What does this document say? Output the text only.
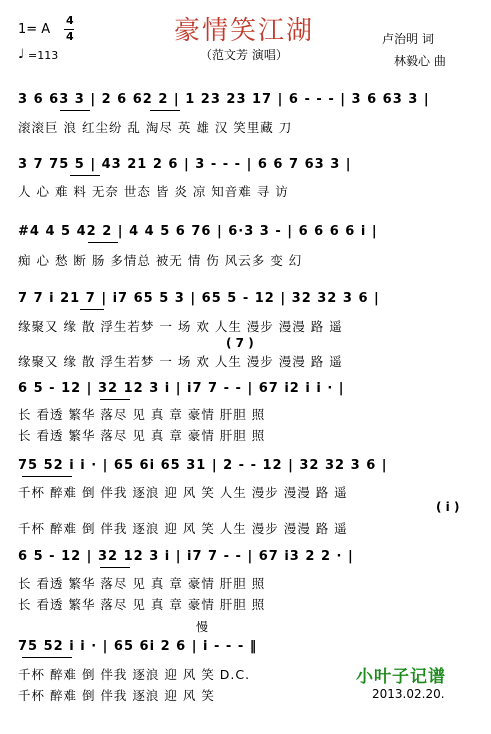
1= A
4
4
♩ =113
豪情笑江湖
（范文芳 演唱）
卢治明 词
林毅心 曲
3 6 63 3 | 2 6 62 2 | 1 23 23 17 | 6 - - - | 3 6 63 3 |
滚滚巨 浪 红尘纷 乱 淘尽 英 雄 汉 笑里藏 刀
3 7 75 5 | 43 21 2 6 | 3 - - - | 6 6 7 63 3 |
人 心 难 料 无奈 世态 皆 炎 凉 知音难 寻 访
#4 4 5 42 2 | 4 4 5 6 76 | 6·3 3 - | 6 6 6 6 i |
痴 心 愁 断 肠 多情总 被无 情 伤 风云多 变 幻
7 7 i 21 7 | i7 65 5 3 | 65 5 - 12 | 32 32 3 6 |
缘聚又 缘 散 浮生若梦 一 场 欢 人生 漫步 漫漫 路 遥
( 7 )
缘聚又 缘 散 浮生若梦 一 场 欢 人生 漫步 漫漫 路 遥
6 5 - 12 | 32 12 3 i | i7 7 - - | 67 i2 i i · |
长 看透 繁华 落尽 见 真 章 豪情 肝胆 照
长 看透 繁华 落尽 见 真 章 豪情 肝胆 照
75 52 i i · | 65 6i 65 31 | 2 - - 12 | 32 32 3 6 |
千杯 醉难 倒 伴我 逐浪 迎 风 笑 人生 漫步 漫漫 路 遥
( i )
千杯 醉难 倒 伴我 逐浪 迎 风 笑 人生 漫步 漫漫 路 遥
6 5 - 12 | 32 12 3 i | i7 7 - - | 67 i3 2 2 · |
长 看透 繁华 落尽 见 真 章 豪情 肝胆 照
长 看透 繁华 落尽 见 真 章 豪情 肝胆 照
慢
75 52 i i · | 65 6i 2 6 | i - - - ‖
千杯 醉难 倒 伴我 逐浪 迎 风 笑 D.C.
千杯 醉难 倒 伴我 逐浪 迎 风 笑
小叶子记谱
2013.02.20.
